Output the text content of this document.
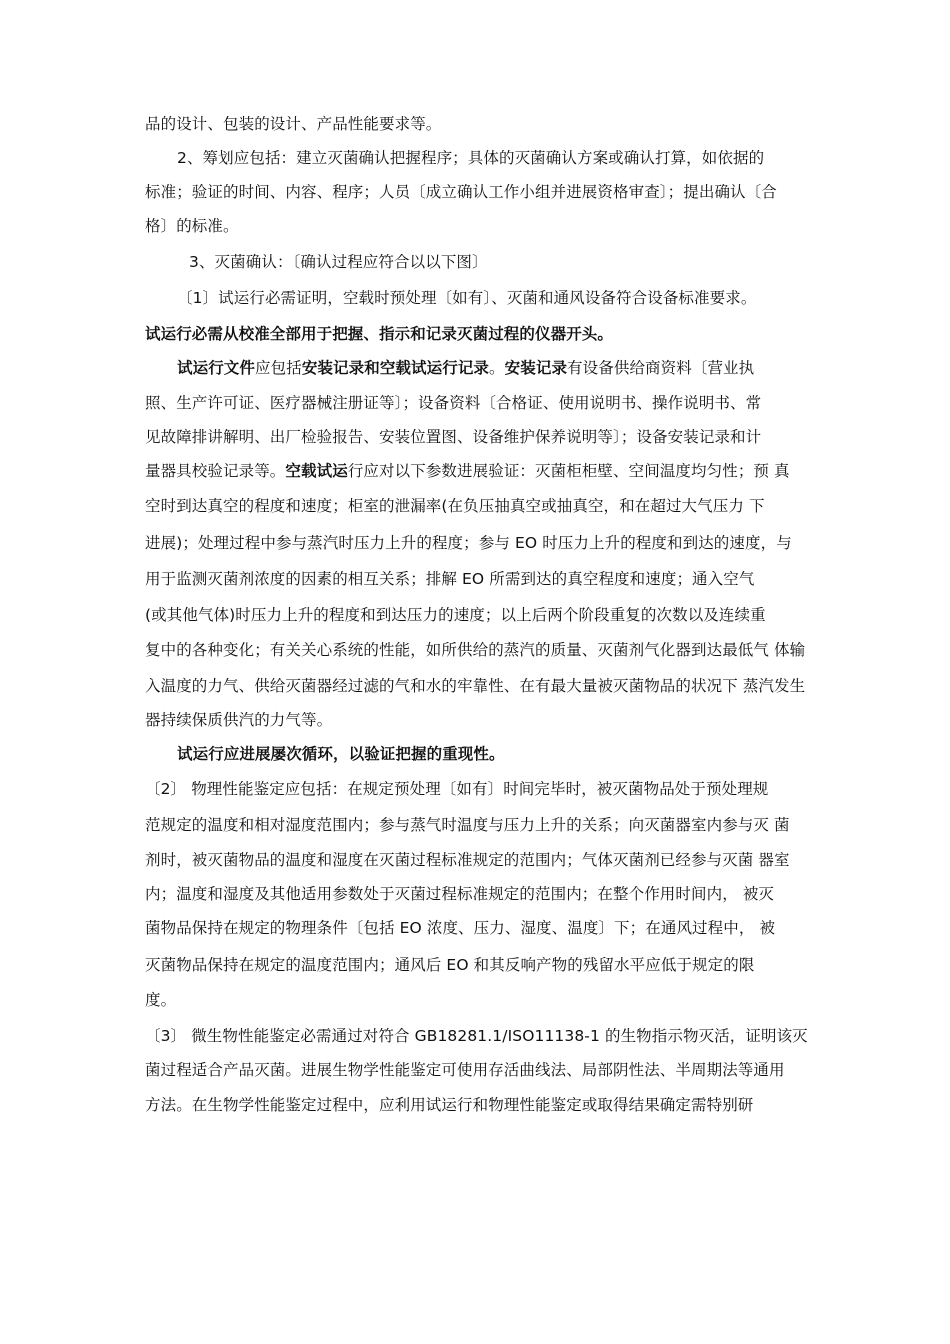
品的设计、包装的设计、产品性能要求等。
2、筹划应包括：建立灭菌确认把握程序；具体的灭菌确认方案或确认打算，如依据的
标准；验证的时间、内容、程序；人员〔成立确认工作小组并进展资格审查〕；提出确认〔合
格〕的标准。
3、灭菌确认：〔确认过程应符合以以下图〕
〔1〕试运行必需证明，空载时预处理〔如有〕、灭菌和通风设备符合设备标准要求。
试运行必需从校准全部用于把握、指示和记录灭菌过程的仪器开头。
试运行文件应包括安装记录和空载试运行记录。安装记录有设备供给商资料〔营业执
照、生产许可证、医疗器械注册证等〕；设备资料〔合格证、使用说明书、操作说明书、常
见故障排讲解明、出厂检验报告、安装位置图、设备维护保养说明等〕；设备安装记录和计
量器具校验记录等。空载试运行应对以下参数进展验证：灭菌柜柜壁、空间温度均匀性；预 真
空时到达真空的程度和速度；柜室的泄漏率(在负压抽真空或抽真空，和在超过大气压力 下
进展)；处理过程中参与蒸汽时压力上升的程度；参与 EO 时压力上升的程度和到达的速度，与
用于监测灭菌剂浓度的因素的相互关系；排解 EO 所需到达的真空程度和速度；通入空气
(或其他气体)时压力上升的程度和到达压力的速度；以上后两个阶段重复的次数以及连续重
复中的各种变化；有关关心系统的性能，如所供给的蒸汽的质量、灭菌剂气化器到达最低气 体输
入温度的力气、供给灭菌器经过滤的气和水的牢靠性、在有最大量被灭菌物品的状况下 蒸汽发生
器持续保质供汽的力气等。
试运行应进展屡次循环，以验证把握的重现性。
〔2〕 物理性能鉴定应包括：在规定预处理〔如有〕时间完毕时，被灭菌物品处于预处理规
范规定的温度和相对湿度范围内；参与蒸气时温度与压力上升的关系；向灭菌器室内参与灭 菌
剂时，被灭菌物品的温度和湿度在灭菌过程标准规定的范围内；气体灭菌剂已经参与灭菌 器室
内；温度和湿度及其他适用参数处于灭菌过程标准规定的范围内；在整个作用时间内， 被灭
菌物品保持在规定的物理条件〔包括 EO 浓度、压力、湿度、温度〕下；在通风过程中， 被
灭菌物品保持在规定的温度范围内；通风后 EO 和其反响产物的残留水平应低于规定的限
度。
〔3〕 微生物性能鉴定必需通过对符合 GB18281.1/ISO11138-1 的生物指示物灭活，证明该灭
菌过程适合产品灭菌。进展生物学性能鉴定可使用存活曲线法、局部阴性法、半周期法等通用
方法。在生物学性能鉴定过程中，应利用试运行和物理性能鉴定或取得结果确定需特别研
